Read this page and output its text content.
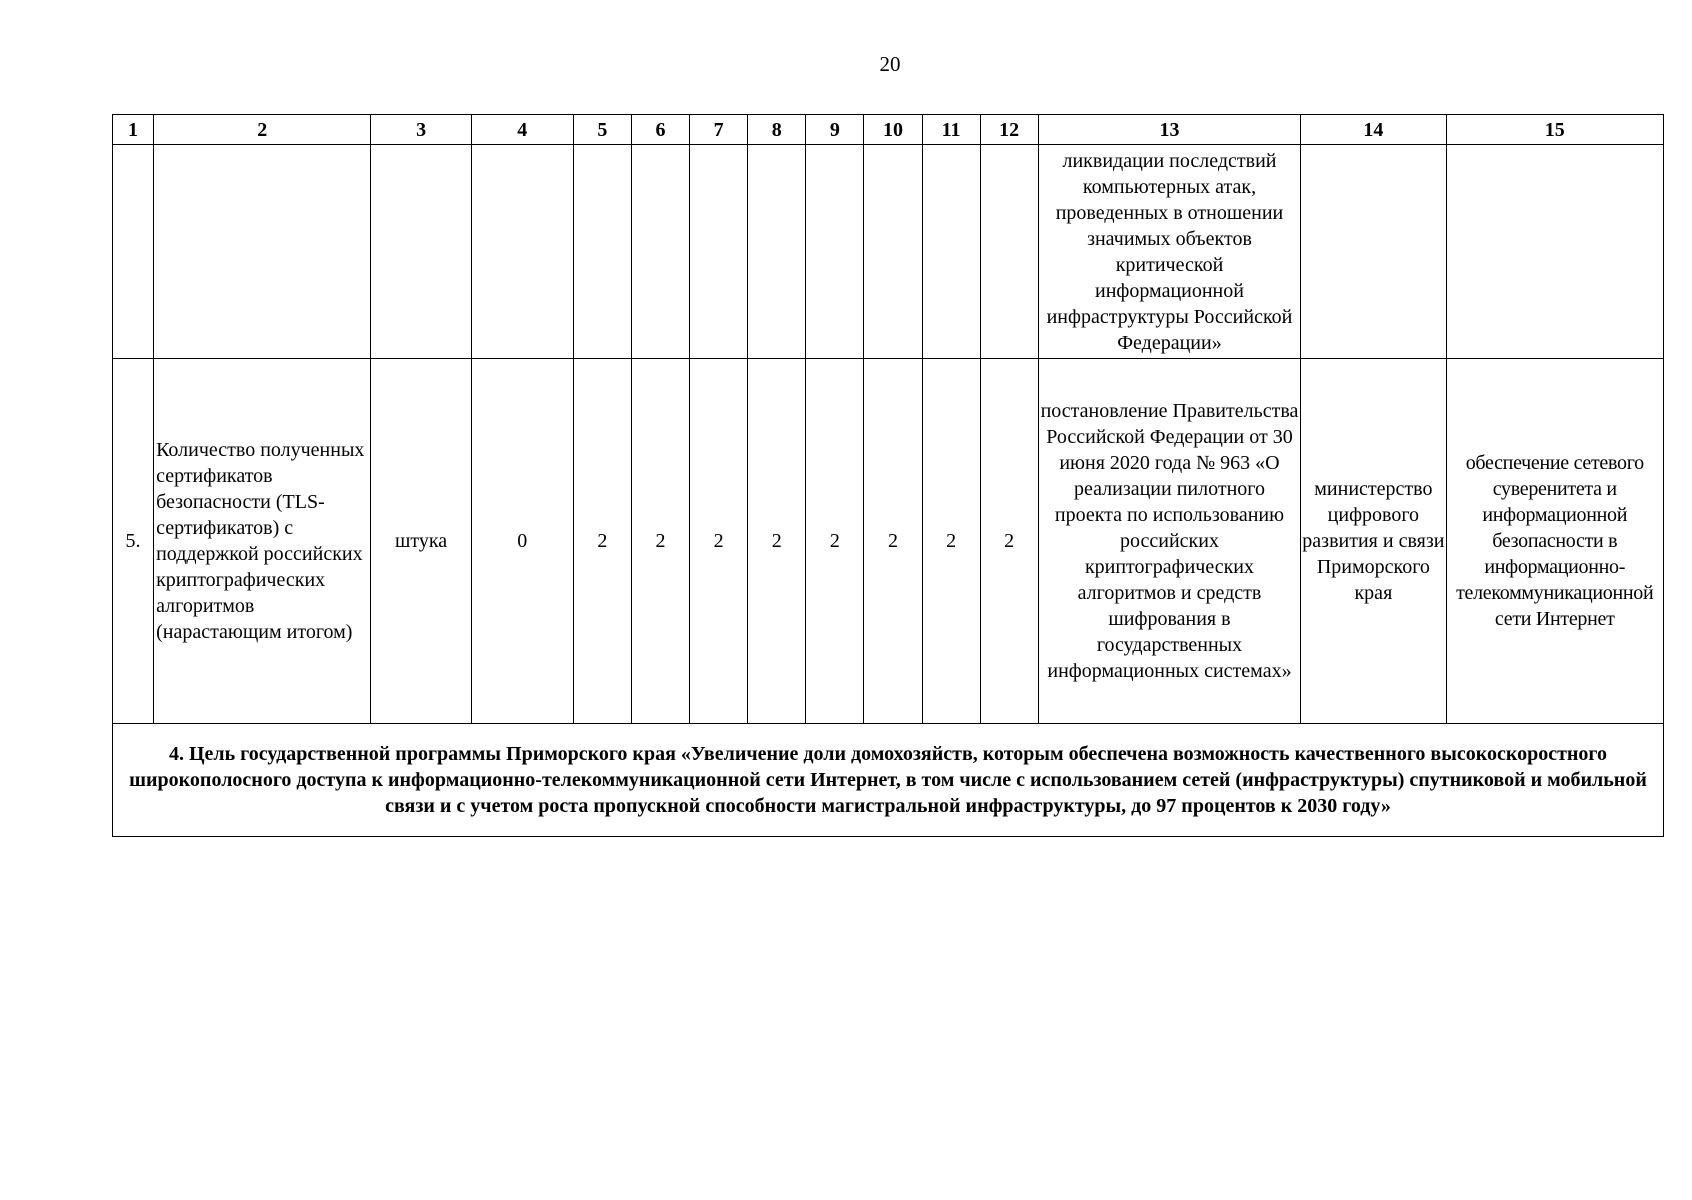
20
1	2	3	4	5	6	7	8	9	10	11	12	13	14	15
												ликвидации последствий компьютерных атак, проведенных в отношении значимых объектов критической информационной инфраструктуры Российской Федерации»		
5.	Количество полученных сертификатов безопасности (TLS-сертификатов) с поддержкой российских криптографических алгоритмов (нарастающим итогом)	штука	0	2	2	2	2	2	2	2	2	постановление Правительства Российской Федерации от 30 июня 2020 года № 963 «О реализации пилотного проекта по использованию российских криптографических алгоритмов и средств шифрования в государственных информационных системах»	министерство цифрового развития и связи Приморского края	обеспечение сетевого суверенитета и информационной безопасности в информационно-телекоммуникационной сети Интернет
4. Цель государственной программы Приморского края «Увеличение доли домохозяйств, которым обеспечена возможность качественного высокоскоростного широкополосного доступа к информационно-телекоммуникационной сети Интернет, в том числе с использованием сетей (инфраструктуры) спутниковой и мобильной связи и с учетом роста пропускной способности магистральной инфраструктуры, до 97 процентов к 2030 году»														
